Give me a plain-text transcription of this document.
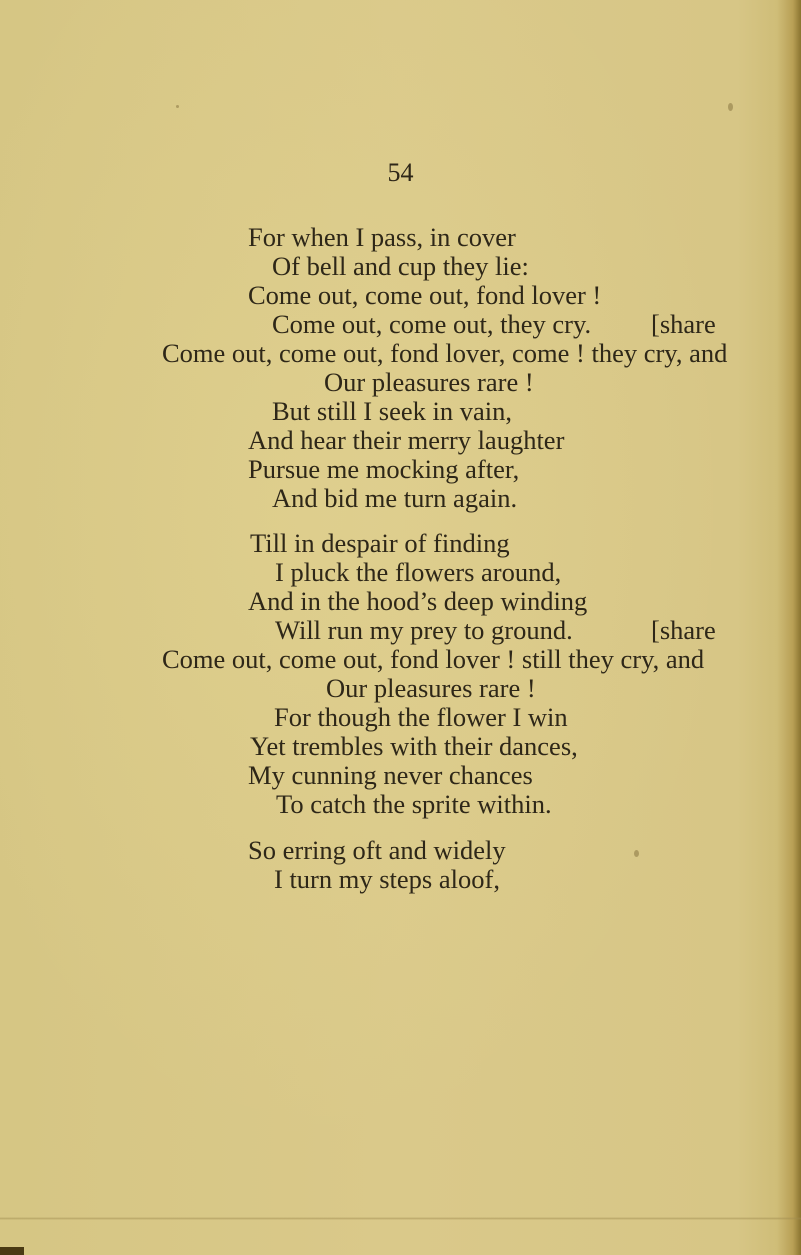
54
For when I pass, in cover
Of bell and cup they lie:
Come out, come out, fond lover !
Come out, come out, they cry. [share
Come out, come out, fond lover, come ! they cry, and
Our pleasures rare !
But still I seek in vain,
And hear their merry laughter
Pursue me mocking after,
And bid me turn again.
Till in despair of finding
I pluck the flowers around,
And in the hood’s deep winding
Will run my prey to ground.	[share
Come out, come out, fond lover ! still they cry, and
Our pleasures rare !
For though the flower I win
Yet trembles with their dances,
My cunning never chances
To catch the sprite within.
So erring oft and widely
I turn my steps aloof,
